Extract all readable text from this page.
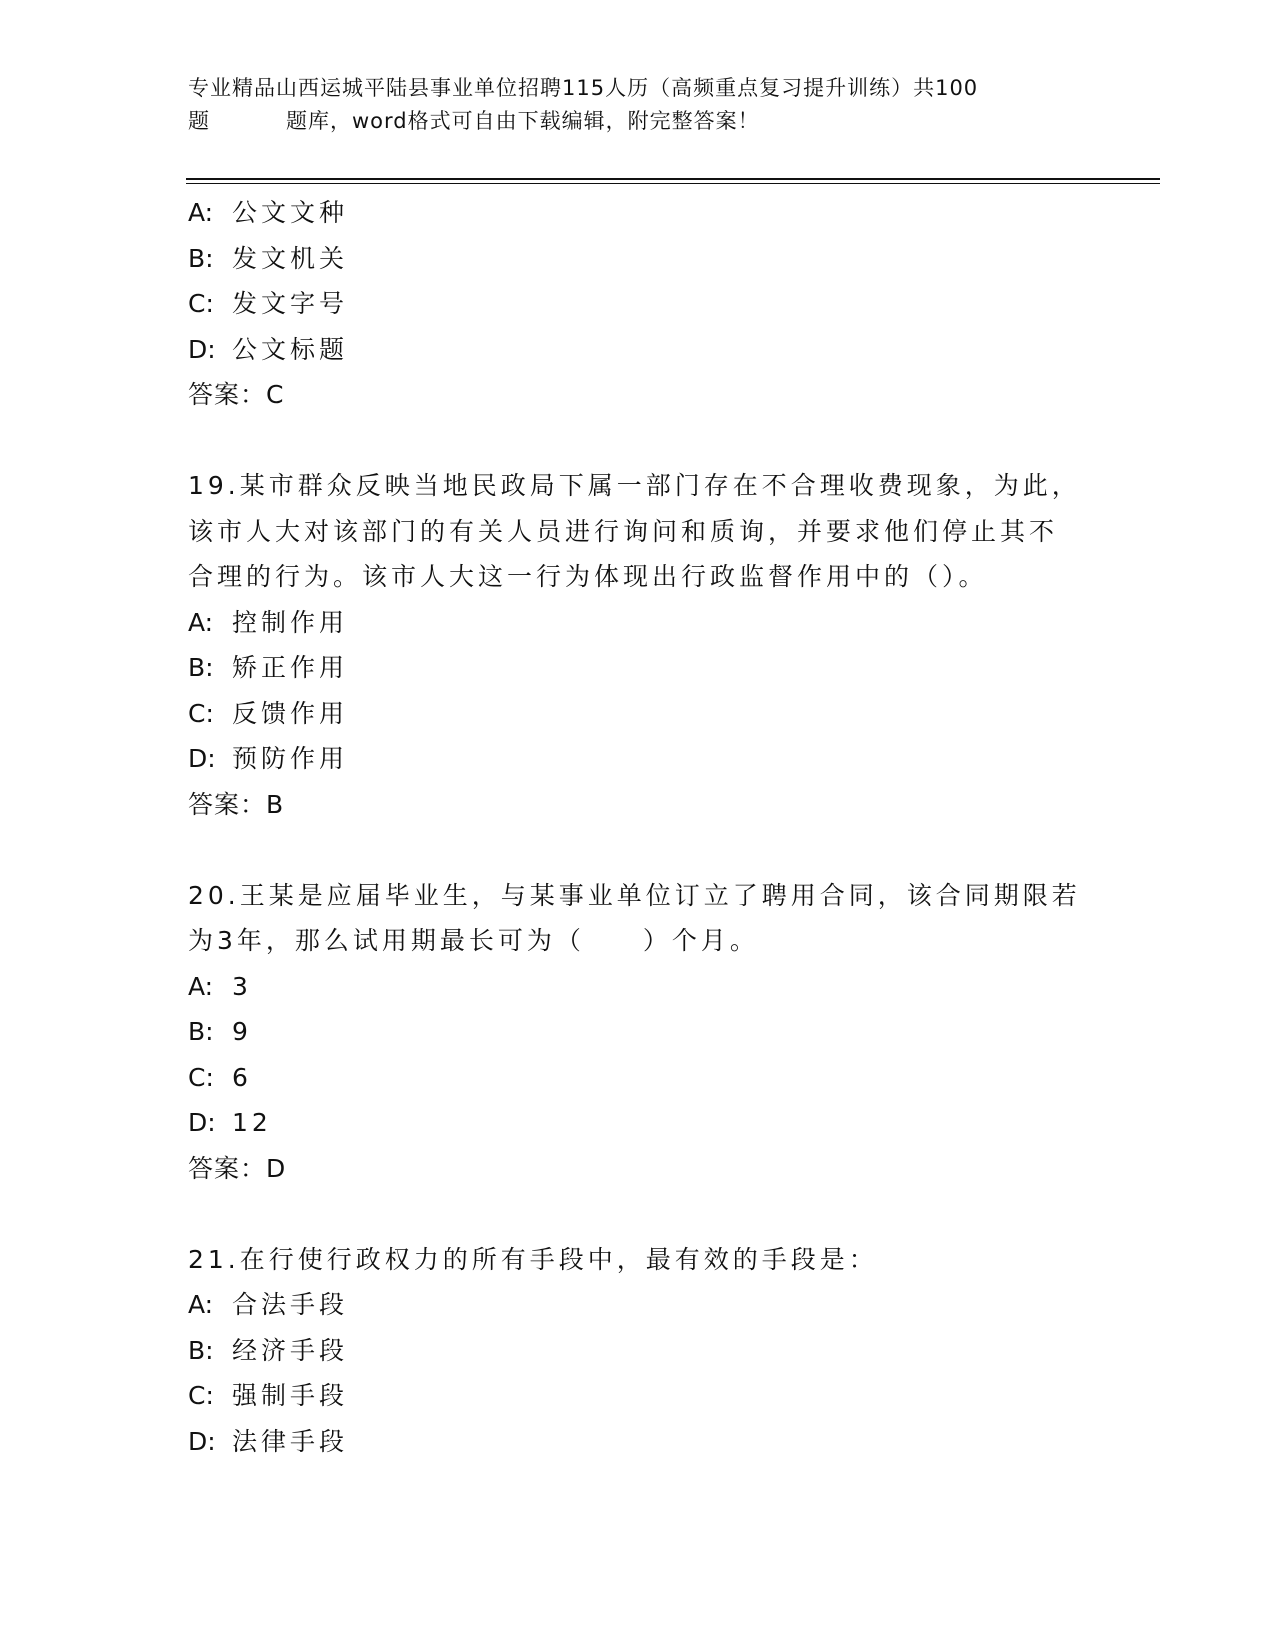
专业精品山西运城平陆县事业单位招聘115人历（高频重点复习提升训练）共100
题	题库，word格式可自由下载编辑，附完整答案！
A: 公文文种
B: 发文机关
C: 发文字号
D: 公文标题
答案：C
19.某市群众反映当地民政局下属一部门存在不合理收费现象，为此，
该市人大对该部门的有关人员进行询问和质询，并要求他们停止其不
合理的行为。该市人大这一行为体现出行政监督作用中的（）。
A: 控制作用
B: 矫正作用
C: 反馈作用
D: 预防作用
答案：B
20.王某是应届毕业生，与某事业单位订立了聘用合同，该合同期限若
为3年，那么试用期最长可为（　　）个月。
A: 3
B: 9
C: 6
D: 12
答案：D
21.在行使行政权力的所有手段中，最有效的手段是：
A: 合法手段
B: 经济手段
C: 强制手段
D: 法律手段
